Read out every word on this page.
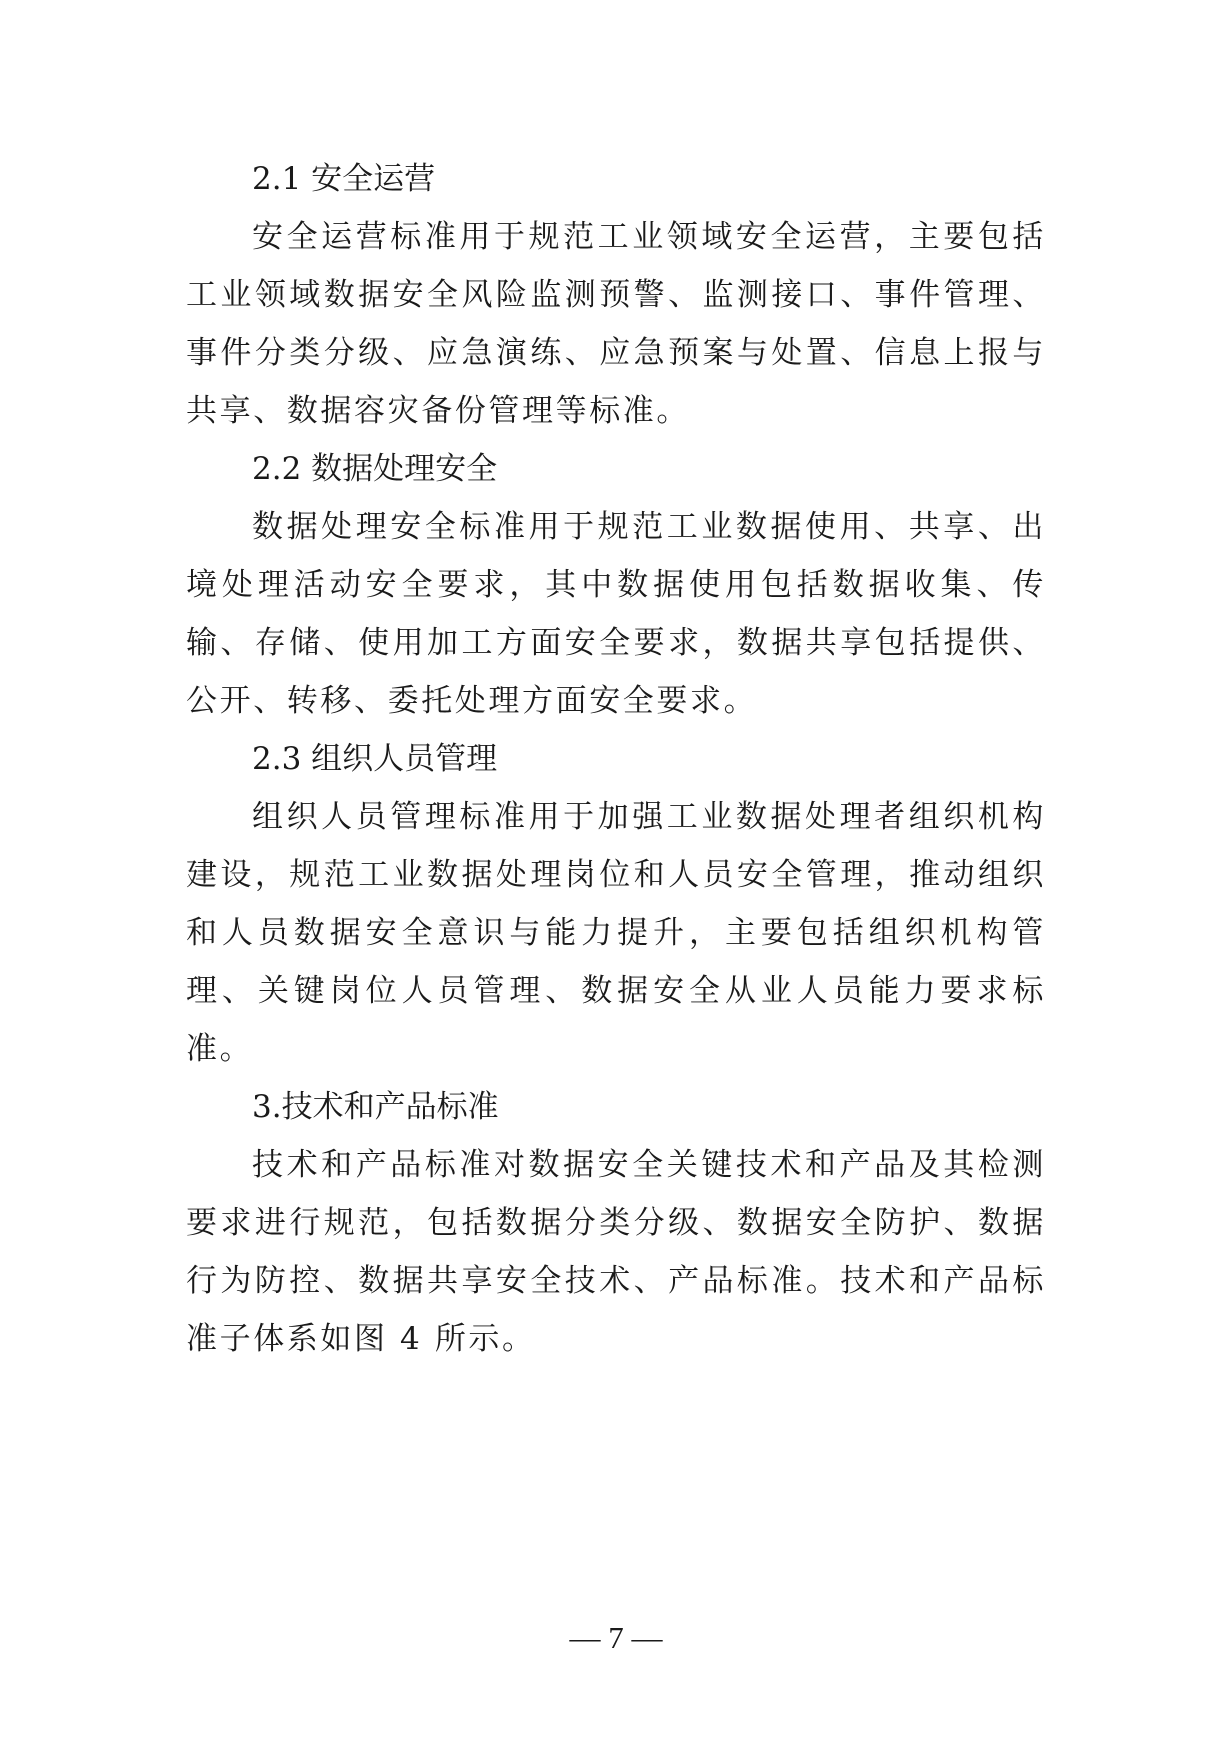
2.1 安全运营

安全运营标准用于规范工业领域安全运营，主要包括工业领域数据安全风险监测预警、监测接口、事件管理、事件分类分级、应急演练、应急预案与处置、信息上报与共享、数据容灾备份管理等标准。

2.2 数据处理安全

数据处理安全标准用于规范工业数据使用、共享、出境处理活动安全要求，其中数据使用包括数据收集、传输、存储、使用加工方面安全要求，数据共享包括提供、公开、转移、委托处理方面安全要求。

2.3 组织人员管理

组织人员管理标准用于加强工业数据处理者组织机构建设，规范工业数据处理岗位和人员安全管理，推动组织和人员数据安全意识与能力提升，主要包括组织机构管理、关键岗位人员管理、数据安全从业人员能力要求标准。

3.技术和产品标准

技术和产品标准对数据安全关键技术和产品及其检测要求进行规范，包括数据分类分级、数据安全防护、数据行为防控、数据共享安全技术、产品标准。技术和产品标准子体系如图 4 所示。

— 7 —
